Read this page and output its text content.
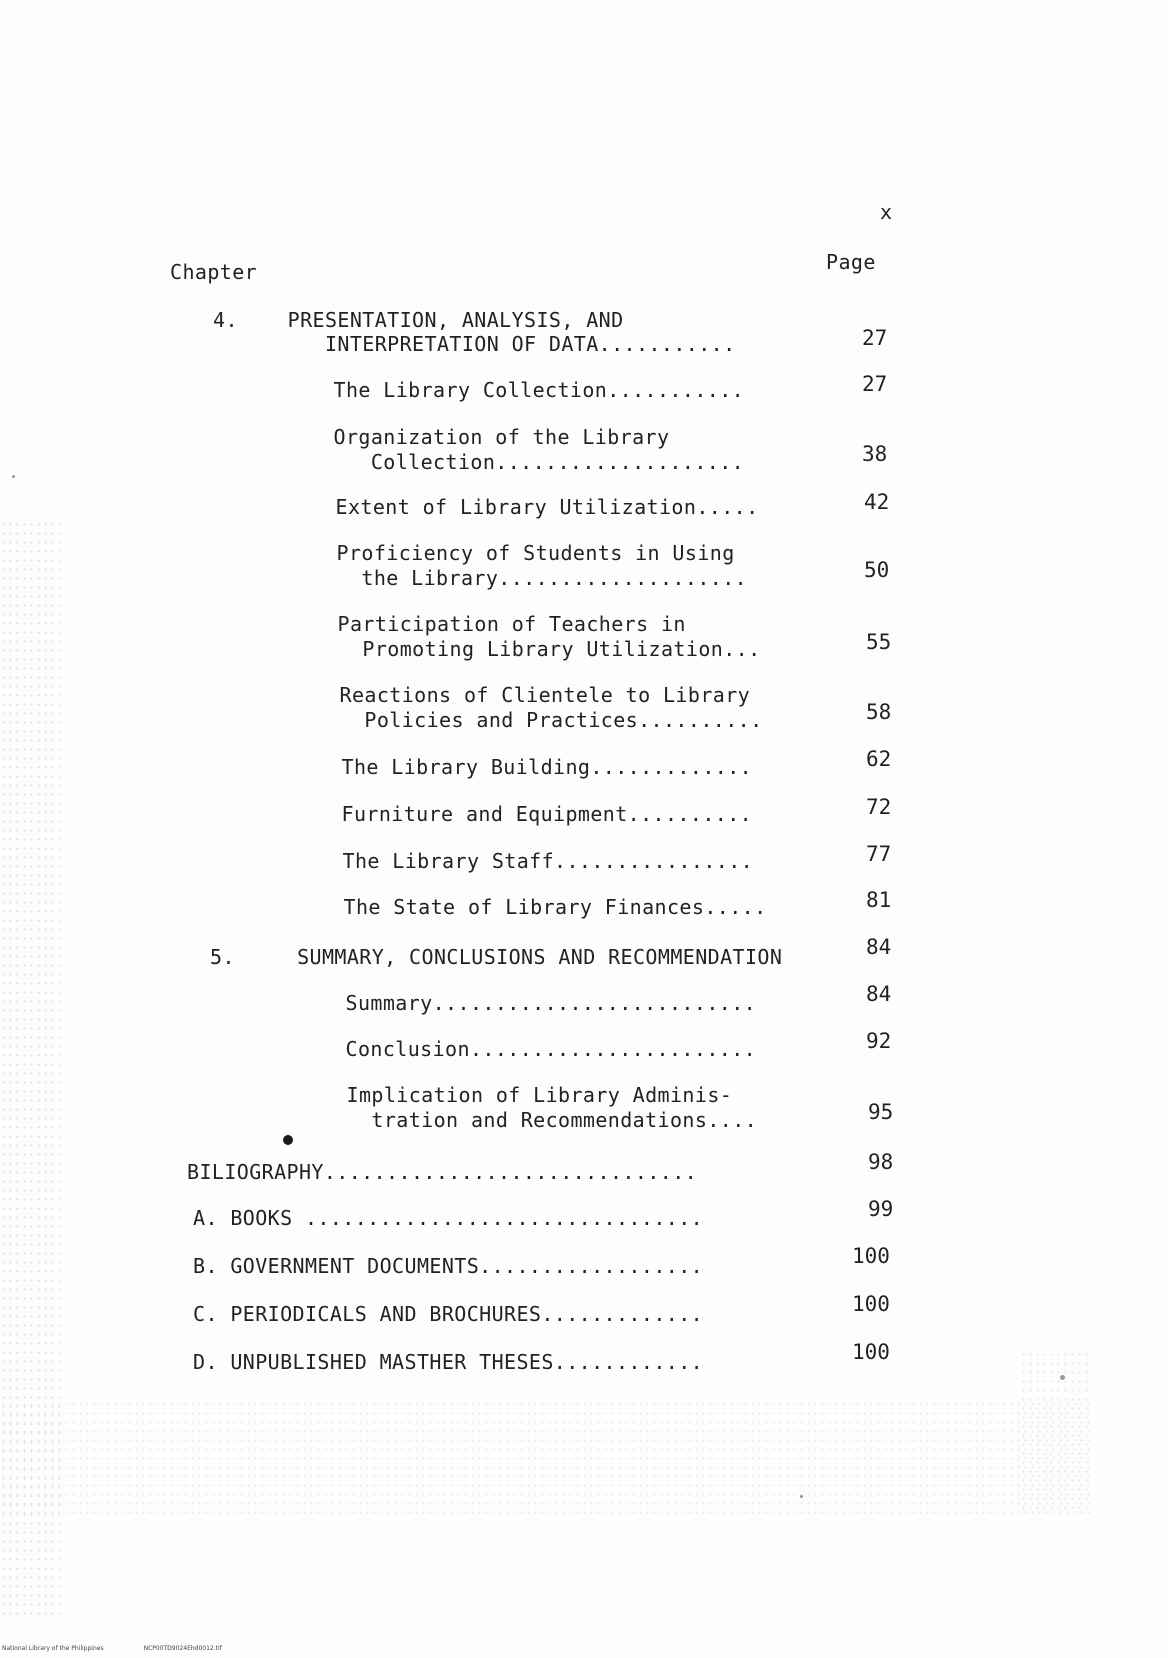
x
Chapter	Page
4.    PRESENTATION, ANALYSIS, AND
INTERPRETATION OF DATA...........	27
The Library Collection...........	27
Organization of the Library
Collection....................	38
Extent of Library Utilization.....	42
Proficiency of Students in Using
the Library....................	50
Participation of Teachers in
Promoting Library Utilization...	55
Reactions of Clientele to Library
Policies and Practices..........	58
The Library Building.............	62
Furniture and Equipment..........	72
The Library Staff................	77
The State of Library Finances.....	81
5.     SUMMARY, CONCLUSIONS AND RECOMMENDATION	84
Summary..........................	84
Conclusion.......................	92
Implication of Library Adminis-
tration and Recommendations....	95
BILIOGRAPHY..............................	98
A. BOOKS ................................	99
B. GOVERNMENT DOCUMENTS..................	100
C. PERIODICALS AND BROCHURES.............	100
D. UNPUBLISHED MASTHER THESES............	100
National Library of the Philippines	NCP00TD9024Ehd0012.tif
